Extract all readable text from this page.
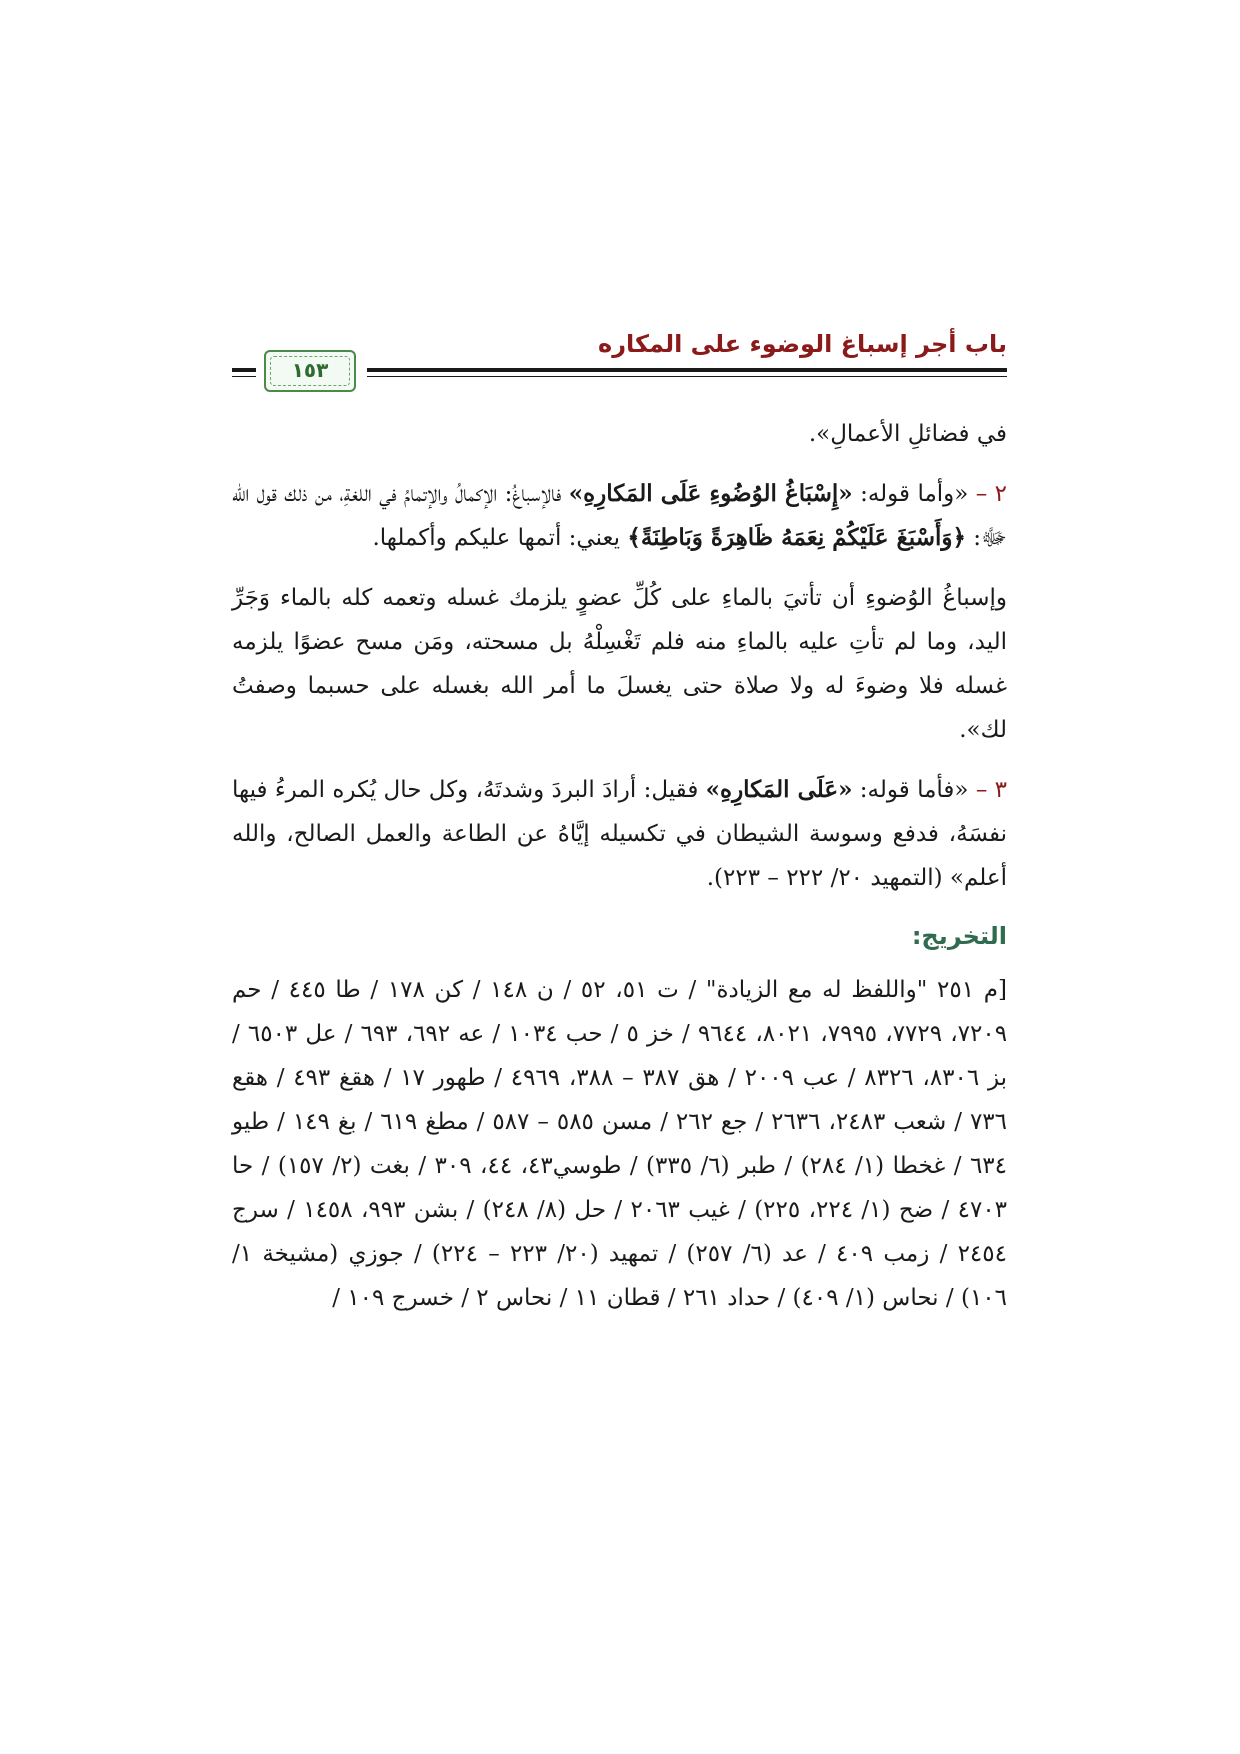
باب أجر إسباغ الوضوء على المكاره
١٥٣

في فضائلِ الأعمالِ».

٢ – «وأما قوله: «إِسْبَاغُ الوُضُوءِ عَلَى المَكارِهِ» فالإسباغُ: الإكمالُ والإتمامُ في اللغةِ، من ذلك قول الله ﷻ: ﴿وَأَسْبَغَ عَلَيْكُمْ نِعَمَهُ ظَاهِرَةً وَبَاطِنَةً﴾ يعني: أتمها عليكم وأكملها.

وإسباغُ الوُضوءِ أن تأتيَ بالماءِ على كُلِّ عضوٍ يلزمك غسله وتعمه كله بالماء وَجَرِّ اليد، وما لم تأتِ عليه بالماءِ منه فلم تَغْسِلْهُ بل مسحته، ومَن مسح عضوًا يلزمه غسله فلا وضوءَ له ولا صلاة حتى يغسلَ ما أمر الله بغسله على حسبما وصفتُ لك».

٣ – «فأما قوله: «عَلَى المَكارِهِ» فقيل: أرادَ البردَ وشدتَهُ، وكل حال يُكره المرءُ فيها نفسَهُ، فدفع وسوسة الشيطان في تكسيله إيَّاهُ عن الطاعة والعمل الصالح، والله أعلم» (التمهيد ٢٠/ ٢٢٢ – ٢٢٣).

التخريج:

[م ٢٥١ "واللفظ له مع الزيادة" / ت ٥١، ٥٢ / ن ١٤٨ / كن ١٧٨ / طا ٤٤٥ / حم ٧٢٠٩، ٧٧٢٩، ٧٩٩٥، ٨٠٢١، ٩٦٤٤ / خز ٥ / حب ١٠٣٤ / عه ٦٩٢، ٦٩٣ / عل ٦٥٠٣ / بز ٨٣٠٦، ٨٣٢٦ / عب ٢٠٠٩ / هق ٣٨٧ – ٣٨٨، ٤٩٦٩ / طهور ١٧ / هقغ ٤٩٣ / هقع ٧٣٦ / شعب ٢٤٨٣، ٢٦٣٦ / جع ٢٦٢ / مسن ٥٨٥ – ٥٨٧ / مطغ ٦١٩ / بغ ١٤٩ / طيو ٦٣٤ / غخطا (١/ ٢٨٤) / طبر (٦/ ٣٣٥) / طوسي٤٣، ٤٤، ٣٠٩ / بغت (٢/ ١٥٧) / حا ٤٧٠٣ / ضح (١/ ٢٢٤، ٢٢٥) / غيب ٢٠٦٣ / حل (٨/ ٢٤٨) / بشن ٩٩٣، ١٤٥٨ / سرج ٢٤٥٤ / زمب ٤٠٩ / عد (٦/ ٢٥٧) / تمهيد (٢٠/ ٢٢٣ – ٢٢٤) / جوزي (مشيخة ١/ ١٠٦) / نحاس (١/ ٤٠٩) / حداد ٢٦١ / قطان ١١ / نحاس ٢ / خسرج ١٠٩ /
